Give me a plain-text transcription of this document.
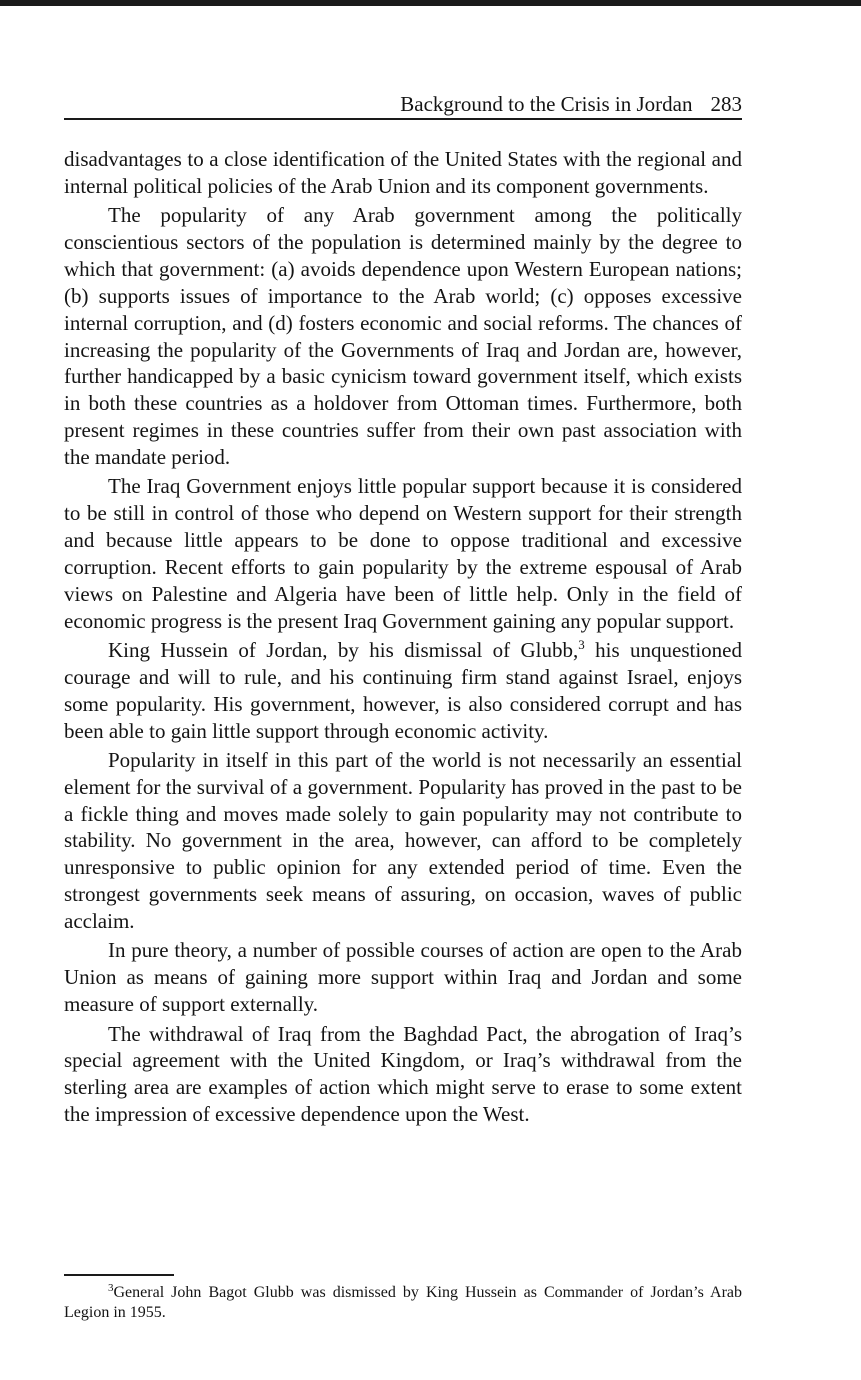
Background to the Crisis in Jordan 283

disadvantages to a close identification of the United States with the regional and internal political policies of the Arab Union and its component governments.

The popularity of any Arab government among the politically conscientious sectors of the population is determined mainly by the degree to which that government: (a) avoids dependence upon Western European nations; (b) supports issues of importance to the Arab world; (c) opposes excessive internal corruption, and (d) fosters economic and social reforms. The chances of increasing the popularity of the Governments of Iraq and Jordan are, however, further handicapped by a basic cynicism toward government itself, which exists in both these countries as a holdover from Ottoman times. Furthermore, both present regimes in these countries suffer from their own past association with the mandate period.

The Iraq Government enjoys little popular support because it is considered to be still in control of those who depend on Western support for their strength and because little appears to be done to oppose traditional and excessive corruption. Recent efforts to gain popularity by the extreme espousal of Arab views on Palestine and Algeria have been of little help. Only in the field of economic progress is the present Iraq Government gaining any popular support.

King Hussein of Jordan, by his dismissal of Glubb,$^3$ his unquestioned courage and will to rule, and his continuing firm stand against Israel, enjoys some popularity. His government, however, is also considered corrupt and has been able to gain little support through economic activity.

Popularity in itself in this part of the world is not necessarily an essential element for the survival of a government. Popularity has proved in the past to be a fickle thing and moves made solely to gain popularity may not contribute to stability. No government in the area, however, can afford to be completely unresponsive to public opinion for any extended period of time. Even the strongest governments seek means of assuring, on occasion, waves of public acclaim.

In pure theory, a number of possible courses of action are open to the Arab Union as means of gaining more support within Iraq and Jordan and some measure of support externally.

The withdrawal of Iraq from the Baghdad Pact, the abrogation of Iraq’s special agreement with the United Kingdom, or Iraq’s withdrawal from the sterling area are examples of action which might serve to erase to some extent the impression of excessive dependence upon the West.

$^3$General John Bagot Glubb was dismissed by King Hussein as Commander of Jordan’s Arab Legion in 1955.
